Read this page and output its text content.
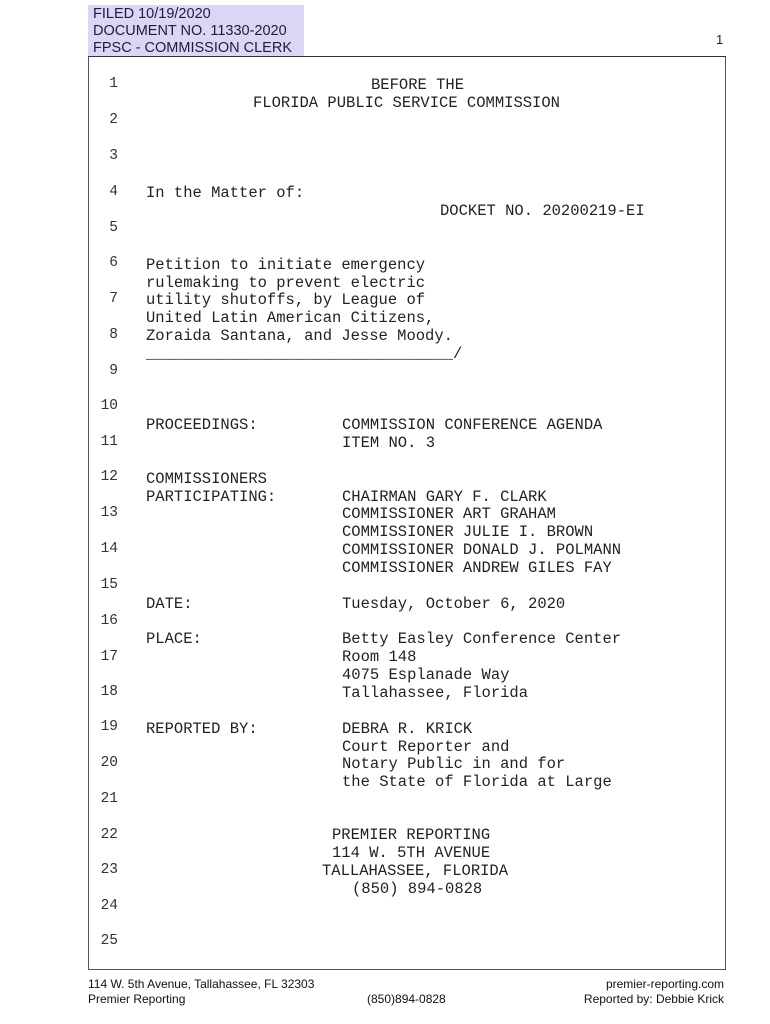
FILED 10/19/2020
DOCUMENT NO. 11330-2020
FPSC - COMMISSION CLERK
1
1
2
3
4
5
6
7
8
9
10
11
12
13
14
15
16
17
18
19
20
21
22
23
24
25
BEFORE THE
FLORIDA PUBLIC SERVICE COMMISSION
In the Matter of:
DOCKET NO. 20200219-EI
Petition to initiate emergency
rulemaking to prevent electric
utility shutoffs, by League of
United Latin American Citizens,
Zoraida Santana, and Jesse Moody.
_________________________________/
PROCEEDINGS:	COMMISSION CONFERENCE AGENDA
ITEM NO. 3
COMMISSIONERS
PARTICIPATING:	CHAIRMAN GARY F. CLARK
COMMISSIONER ART GRAHAM
COMMISSIONER JULIE I. BROWN
COMMISSIONER DONALD J. POLMANN
COMMISSIONER ANDREW GILES FAY
DATE:	Tuesday, October 6, 2020
PLACE:	Betty Easley Conference Center
Room 148
4075 Esplanade Way
Tallahassee, Florida
REPORTED BY:	DEBRA R. KRICK
Court Reporter and
Notary Public in and for
the State of Florida at Large
PREMIER REPORTING
114 W. 5TH AVENUE
TALLAHASSEE, FLORIDA
(850) 894-0828
114 W. 5th Avenue, Tallahassee, FL 32303
Premier Reporting	(850)894-0828
premier-reporting.com
Reported by: Debbie Krick
